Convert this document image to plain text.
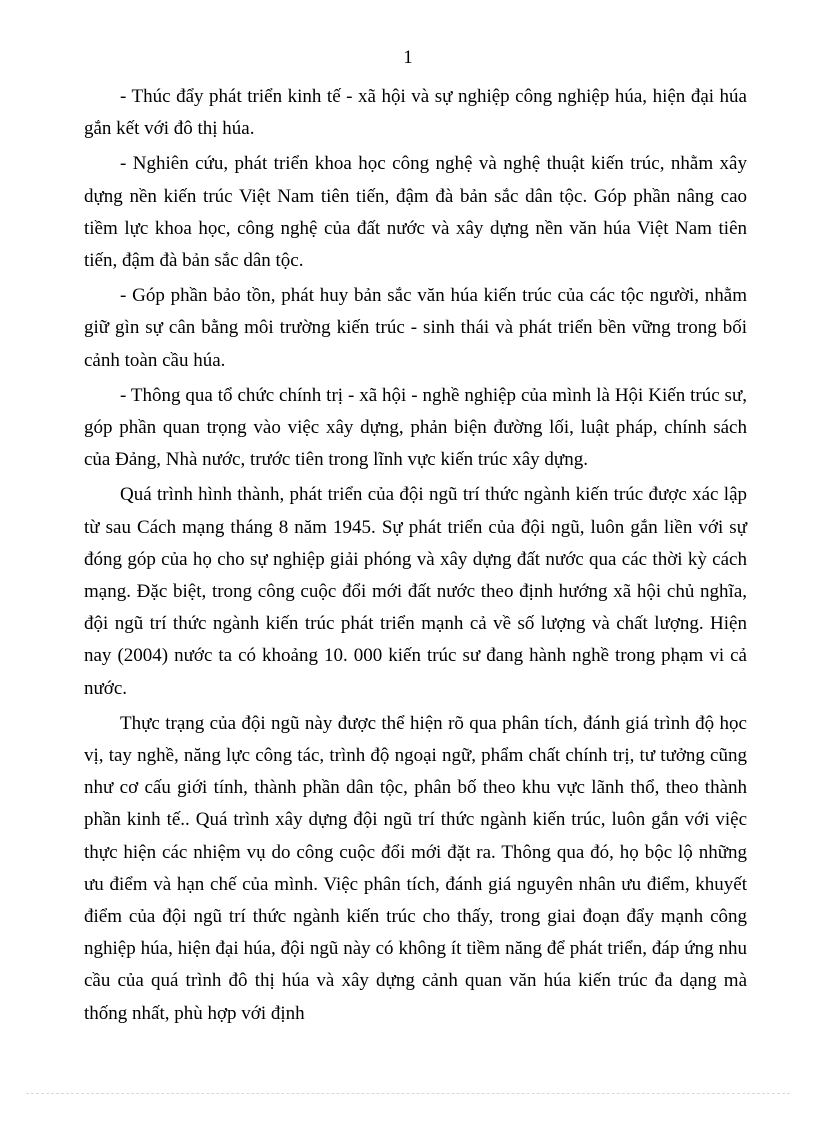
1

- Thúc đẩy phát triển kinh tế - xã hội và sự nghiệp công nghiệp húa, hiện đại húa gắn kết với đô thị húa.

- Nghiên cứu, phát triển khoa học công nghệ và nghệ thuật kiến trúc, nhằm xây dựng nền kiến trúc Việt Nam tiên tiến, đậm đà bản sắc dân tộc. Góp phần nâng cao tiềm lực khoa học, công nghệ của đất nước và xây dựng nền văn húa Việt Nam tiên tiến, đậm đà bản sắc dân tộc.

- Góp phần bảo tồn, phát huy bản sắc văn húa kiến trúc của các tộc người, nhằm giữ gìn sự cân bằng môi trường kiến trúc - sinh thái và phát triển bền vững trong bối cảnh toàn cầu húa.

- Thông qua tổ chức chính trị - xã hội - nghề nghiệp của mình là Hội Kiến trúc sư, góp phần quan trọng vào việc xây dựng, phản biện đường lối, luật pháp, chính sách của Đảng, Nhà nước, trước tiên trong lĩnh vực kiến trúc xây dựng.

Quá trình hình thành, phát triển của đội ngũ trí thức ngành kiến trúc được xác lập từ sau Cách mạng tháng 8 năm 1945. Sự phát triển của đội ngũ, luôn gắn liền với sự đóng góp của họ cho sự nghiệp giải phóng và xây dựng đất nước qua các thời kỳ cách mạng. Đặc biệt, trong công cuộc đổi mới đất nước theo định hướng xã hội chủ nghĩa, đội ngũ trí thức ngành kiến trúc phát triển mạnh cả về số lượng và chất lượng. Hiện nay (2004) nước ta có khoảng 10. 000 kiến trúc sư đang hành nghề trong phạm vi cả nước.

Thực trạng của đội ngũ này được thể hiện rõ qua phân tích, đánh giá trình độ học vị, tay nghề, năng lực công tác, trình độ ngoại ngữ, phẩm chất chính trị, tư tưởng cũng như cơ cấu giới tính, thành phần dân tộc, phân bố theo khu vực lãnh thổ, theo thành phần kinh tế.. Quá trình xây dựng đội ngũ trí thức ngành kiến trúc, luôn gắn với việc thực hiện các nhiệm vụ do công cuộc đổi mới đặt ra. Thông qua đó, họ bộc lộ những ưu điểm và hạn chế của mình. Việc phân tích, đánh giá nguyên nhân ưu điểm, khuyết điểm của đội ngũ trí thức ngành kiến trúc cho thấy, trong giai đoạn đẩy mạnh công nghiệp húa, hiện đại húa, đội ngũ này có không ít tiềm năng để phát triển, đáp ứng nhu cầu của quá trình đô thị húa và xây dựng cảnh quan văn húa kiến trúc đa dạng mà thống nhất, phù hợp với định
